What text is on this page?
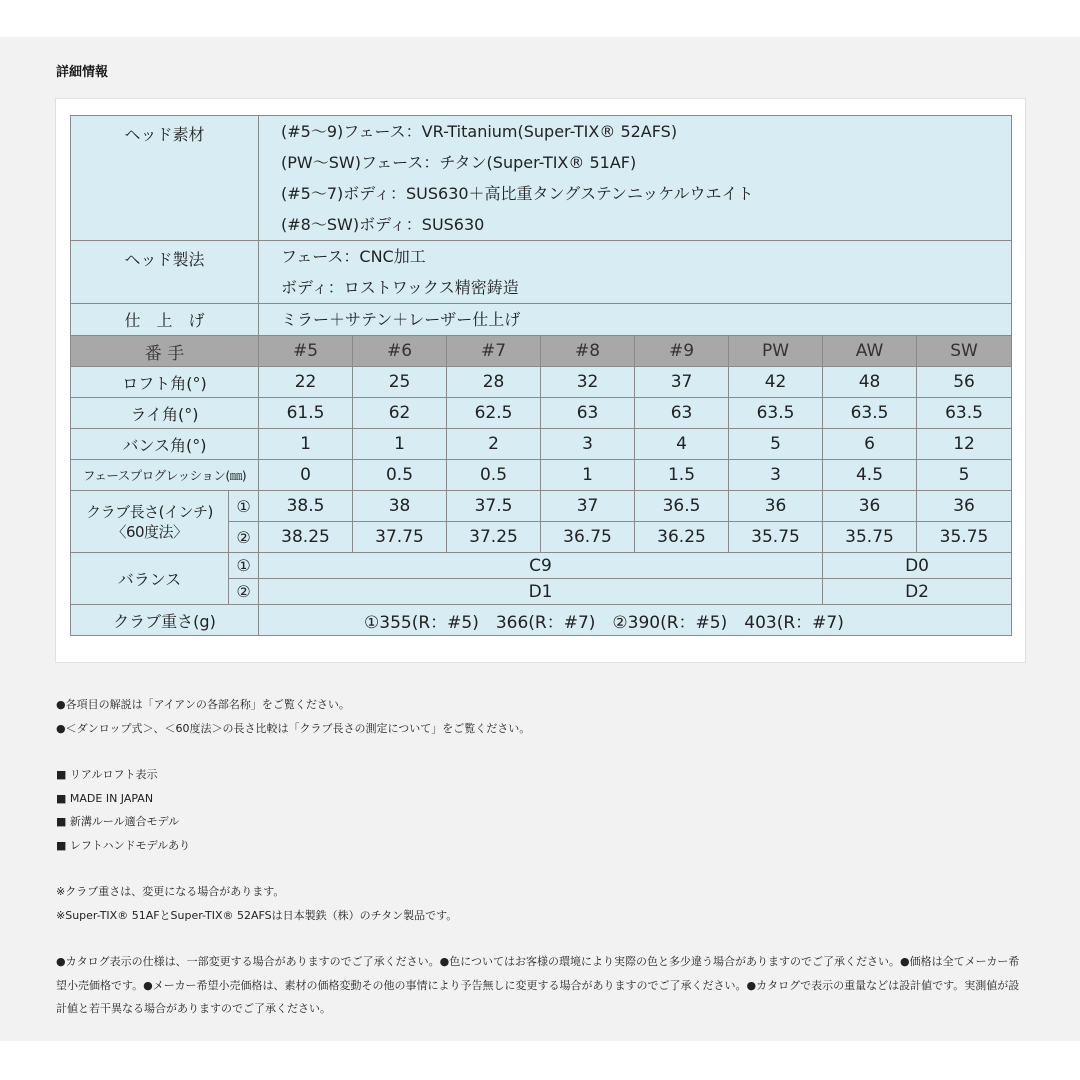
詳細情報
ヘッド素材		(#5～9)フェース：VR-Titanium(Super-TIX® 52AFS)
(PW～SW)フェース：チタン(Super-TIX® 51AF)
(#5～7)ボディ：SUS630＋高比重タングステンニッケルウエイト
(#8～SW)ボディ：SUS630							

ヘッド製法		フェース：CNC加工
ボディ：ロストワックス精密鋳造							

仕　上　げ		ミラー＋サテン＋レーザー仕上げ							

番 手		#5	#6	#7	#8	#9	PW	AW	SW
ロフト角(°)		22	25	28	32	37	42	48	56
ライ角(°)		61.5	62	62.5	63	63	63.5	63.5	63.5
バンス角(°)		1	1	2	3	4	5	6	12
フェースプログレッション(㎜)		0	0.5	0.5	1	1.5	3	4.5	5

クラブ長さ(インチ)
〈60度法〉	①	38.5	38	37.5	37	36.5	36	36	36
	②	38.25	37.75	37.25	36.75	36.25	35.75	35.75	35.75
バランス	①	C9						D0	
	②	D1						D2	
クラブ重さ(g)		①355(R：#5)　366(R：#7)　②390(R：#5)　403(R：#7)							
●各項目の解説は「アイアンの各部名称」をご覧ください。
●＜ダンロップ式＞、＜60度法＞の長さ比較は「クラブ長さの測定について」をご覧ください。
■ リアルロフト表示
■ MADE IN JAPAN
■ 新溝ルール適合モデル
■ レフトハンドモデルあり
※クラブ重さは、変更になる場合があります。
※Super-TIX® 51AFとSuper-TIX® 52AFSは日本製鉄（株）のチタン製品です。
●カタログ表示の仕様は、一部変更する場合がありますのでご了承ください。●色についてはお客様の環境により実際の色と多少違う場合がありますのでご了承ください。●価格は全てメーカー希望小売価格です。●メーカー希望小売価格は、素材の価格変動その他の事情により予告無しに変更する場合がありますのでご了承ください。●カタログで表示の重量などは設計値です。実測値が設計値と若干異なる場合がありますのでご了承ください。
